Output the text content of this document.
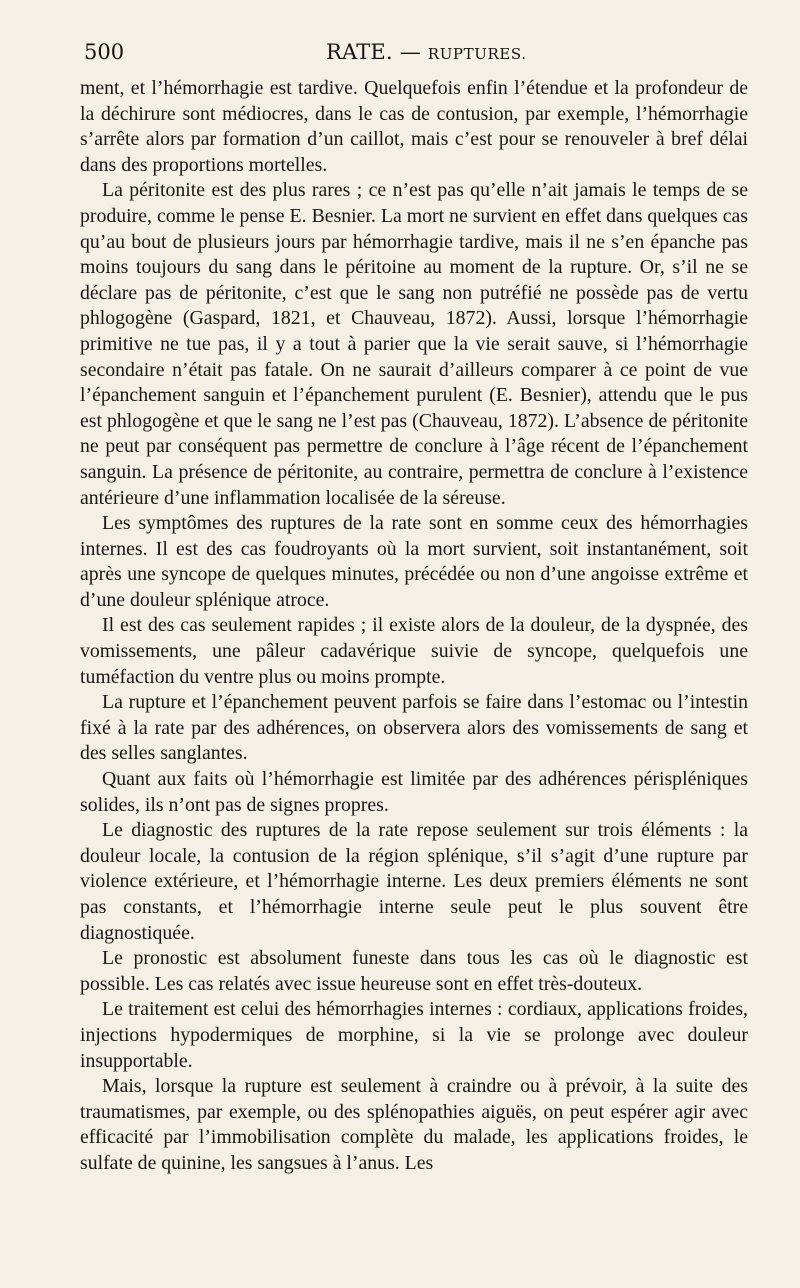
500	RATE. — RUPTURES.

ment, et l’hémorrhagie est tardive. Quelquefois enfin l’étendue et la profondeur de la déchirure sont médiocres, dans le cas de contusion, par exemple, l’hémorrhagie s’arrête alors par formation d’un caillot, mais c’est pour se renouveler à bref délai dans des proportions mortelles.

La péritonite est des plus rares ; ce n’est pas qu’elle n’ait jamais le temps de se produire, comme le pense E. Besnier. La mort ne survient en effet dans quelques cas qu’au bout de plusieurs jours par hémorrhagie tardive, mais il ne s’en épanche pas moins toujours du sang dans le péritoine au moment de la rupture. Or, s’il ne se déclare pas de péritonite, c’est que le sang non putréfié ne possède pas de vertu phlogogène (Gaspard, 1821, et Chauveau, 1872). Aussi, lorsque l’hémorrhagie primitive ne tue pas, il y a tout à parier que la vie serait sauve, si l’hémorrhagie secondaire n’était pas fatale. On ne saurait d’ailleurs comparer à ce point de vue l’épanchement sanguin et l’épanchement purulent (E. Besnier), attendu que le pus est phlogogène et que le sang ne l’est pas (Chauveau, 1872). L’absence de péritonite ne peut par conséquent pas permettre de conclure à l’âge récent de l’épanchement sanguin. La présence de péritonite, au contraire, permettra de conclure à l’existence antérieure d’une inflammation localisée de la séreuse.

Les symptômes des ruptures de la rate sont en somme ceux des hémorrhagies internes. Il est des cas foudroyants où la mort survient, soit instantanément, soit après une syncope de quelques minutes, précédée ou non d’une angoisse extrême et d’une douleur splénique atroce.

Il est des cas seulement rapides ; il existe alors de la douleur, de la dyspnée, des vomissements, une pâleur cadavérique suivie de syncope, quelquefois une tuméfaction du ventre plus ou moins prompte.

La rupture et l’épanchement peuvent parfois se faire dans l’estomac ou l’intestin fixé à la rate par des adhérences, on observera alors des vomissements de sang et des selles sanglantes.

Quant aux faits où l’hémorrhagie est limitée par des adhérences périspléniques solides, ils n’ont pas de signes propres.

Le diagnostic des ruptures de la rate repose seulement sur trois éléments : la douleur locale, la contusion de la région splénique, s’il s’agit d’une rupture par violence extérieure, et l’hémorrhagie interne. Les deux premiers éléments ne sont pas constants, et l’hémorrhagie interne seule peut le plus souvent être diagnostiquée.

Le pronostic est absolument funeste dans tous les cas où le diagnostic est possible. Les cas relatés avec issue heureuse sont en effet très-douteux.

Le traitement est celui des hémorrhagies internes : cordiaux, applications froides, injections hypodermiques de morphine, si la vie se prolonge avec douleur insupportable.

Mais, lorsque la rupture est seulement à craindre ou à prévoir, à la suite des traumatismes, par exemple, ou des splénopathies aiguës, on peut espérer agir avec efficacité par l’immobilisation complète du malade, les applications froides, le sulfate de quinine, les sangsues à l’anus. Les
